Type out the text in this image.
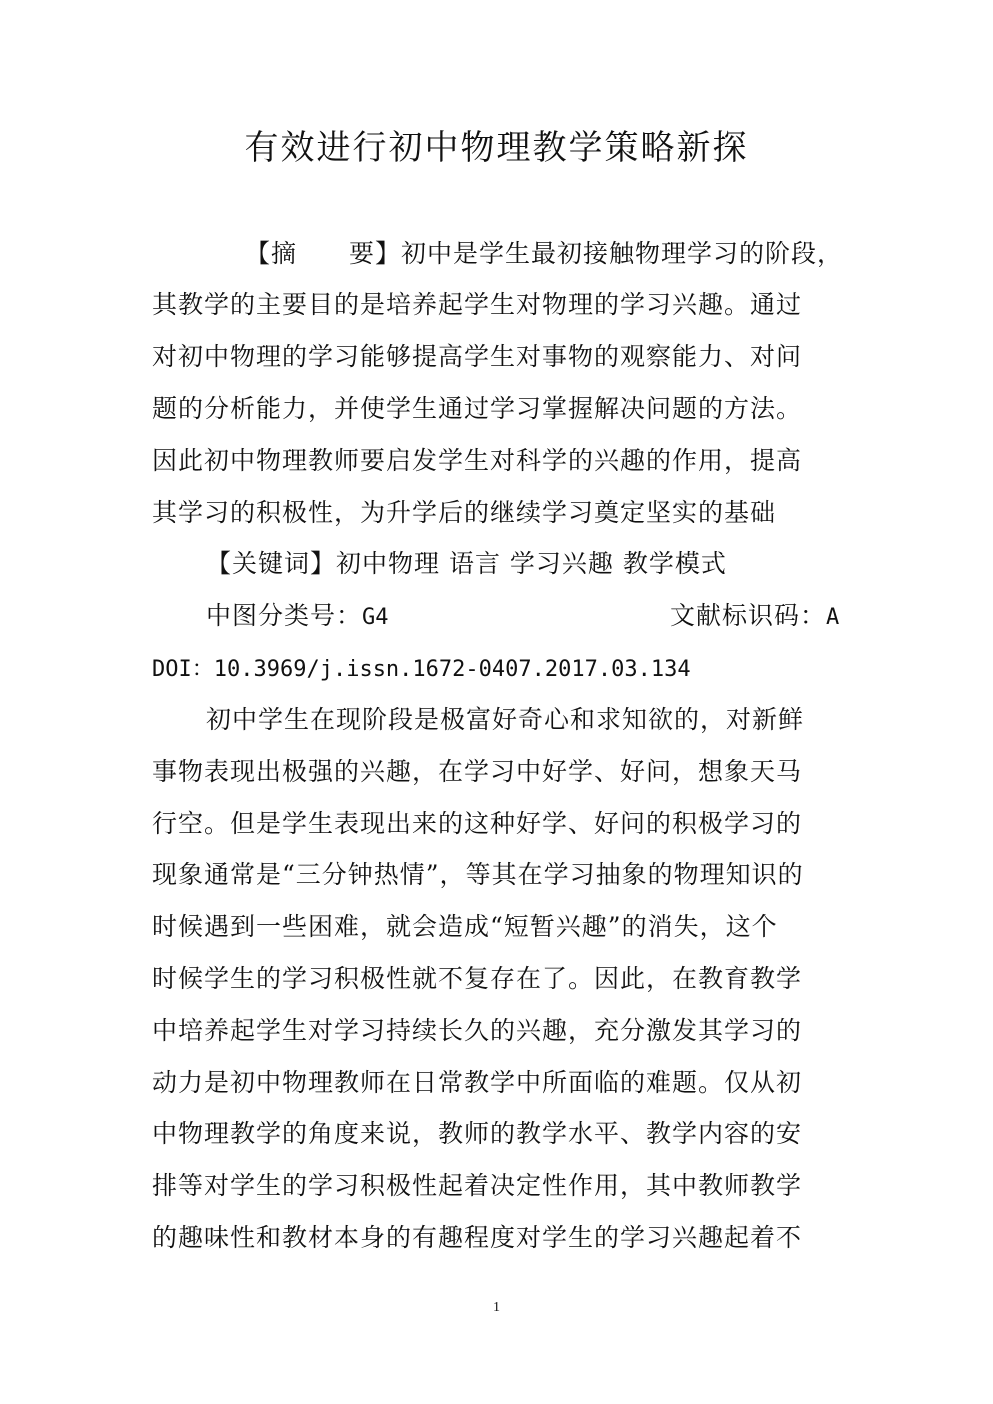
有效进行初中物理教学策略新探
【摘　　要】初中是学生最初接触物理学习的阶段，
其教学的主要目的是培养起学生对物理的学习兴趣。通过
对初中物理的学习能够提高学生对事物的观察能力、对问
题的分析能力，并使学生通过学习掌握解决问题的方法。
因此初中物理教师要启发学生对科学的兴趣的作用，提高
其学习的积极性，为升学后的继续学习奠定坚实的基础
【关键词】初中物理 语言 学习兴趣 教学模式
中图分类号：G4	文献标识码：A
DOI：10.3969/j.issn.1672-0407.2017.03.134
初中学生在现阶段是极富好奇心和求知欲的，对新鲜
事物表现出极强的兴趣，在学习中好学、好问，想象天马
行空。但是学生表现出来的这种好学、好问的积极学习的
现象通常是“三分钟热情”，等其在学习抽象的物理知识的
时候遇到一些困难，就会造成“短暂兴趣”的消失，这个
时候学生的学习积极性就不复存在了。因此，在教育教学
中培养起学生对学习持续长久的兴趣，充分激发其学习的
动力是初中物理教师在日常教学中所面临的难题。仅从初
中物理教学的角度来说，教师的教学水平、教学内容的安
排等对学生的学习积极性起着决定性作用，其中教师教学
的趣味性和教材本身的有趣程度对学生的学习兴趣起着不
1
